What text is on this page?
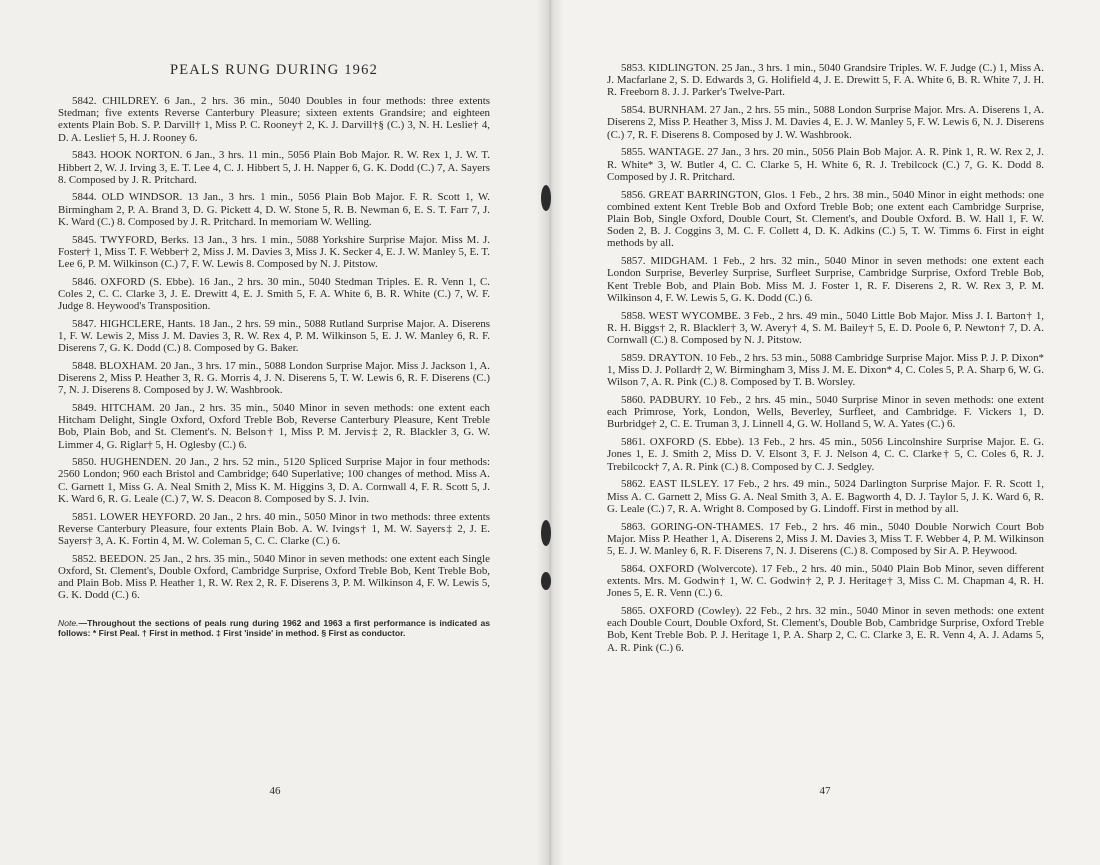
PEALS RUNG DURING 1962

5842. CHILDREY. 6 Jan., 2 hrs. 36 min., 5040 Doubles in four methods: three extents Stedman; five extents Reverse Canterbury Pleasure; sixteen extents Grandsire; and eighteen extents Plain Bob. S. P. Darvill† 1, Miss P. C. Rooney† 2, K. J. Darvill†§ (C.) 3, N. H. Leslie† 4, D. A. Leslie† 5, H. J. Rooney 6.

5843. HOOK NORTON. 6 Jan., 3 hrs. 11 min., 5056 Plain Bob Major. R. W. Rex 1, J. W. T. Hibbert 2, W. J. Irving 3, E. T. Lee 4, C. J. Hibbert 5, J. H. Napper 6, G. K. Dodd (C.) 7, A. Sayers 8. Composed by J. R. Pritchard.

5844. OLD WINDSOR. 13 Jan., 3 hrs. 1 min., 5056 Plain Bob Major. F. R. Scott 1, W. Birmingham 2, P. A. Brand 3, D. G. Pickett 4, D. W. Stone 5, R. B. Newman 6, E. S. T. Farr 7, J. K. Ward (C.) 8. Composed by J. R. Pritchard. In memoriam W. Welling.

5845. TWYFORD, Berks. 13 Jan., 3 hrs. 1 min., 5088 Yorkshire Surprise Major. Miss M. J. Foster† 1, Miss T. F. Webber† 2, Miss J. M. Davies 3, Miss J. K. Secker 4, E. J. W. Manley 5, E. T. Lee 6, P. M. Wilkinson (C.) 7, F. W. Lewis 8. Composed by N. J. Pitstow.

5846. OXFORD (S. Ebbe). 16 Jan., 2 hrs. 30 min., 5040 Stedman Triples. E. R. Venn 1, C. Coles 2, C. C. Clarke 3, J. E. Drewitt 4, E. J. Smith 5, F. A. White 6, B. R. White (C.) 7, W. F. Judge 8. Heywood's Transposition.

5847. HIGHCLERE, Hants. 18 Jan., 2 hrs. 59 min., 5088 Rutland Surprise Major. A. Diserens 1, F. W. Lewis 2, Miss J. M. Davies 3, R. W. Rex 4, P. M. Wilkinson 5, E. J. W. Manley 6, R. F. Diserens 7, G. K. Dodd (C.) 8. Composed by G. Baker.

5848. BLOXHAM. 20 Jan., 3 hrs. 17 min., 5088 London Surprise Major. Miss J. Jackson 1, A. Diserens 2, Miss P. Heather 3, R. G. Morris 4, J. N. Diserens 5, T. W. Lewis 6, R. F. Diserens (C.) 7, N. J. Diserens 8. Composed by J. W. Washbrook.

5849. HITCHAM. 20 Jan., 2 hrs. 35 min., 5040 Minor in seven methods: one extent each Hitcham Delight, Single Oxford, Oxford Treble Bob, Reverse Canterbury Pleasure, Kent Treble Bob, Plain Bob, and St. Clement's. N. Belson† 1, Miss P. M. Jervis‡ 2, R. Blackler 3, G. W. Limmer 4, G. Riglar† 5, H. Oglesby (C.) 6.

5850. HUGHENDEN. 20 Jan., 2 hrs. 52 min., 5120 Spliced Surprise Major in four methods: 2560 London; 960 each Bristol and Cambridge; 640 Superlative; 100 changes of method. Miss A. C. Garnett 1, Miss G. A. Neal Smith 2, Miss K. M. Higgins 3, D. A. Cornwall 4, F. R. Scott 5, J. K. Ward 6, R. G. Leale (C.) 7, W. S. Deacon 8. Composed by S. J. Ivin.

5851. LOWER HEYFORD. 20 Jan., 2 hrs. 40 min., 5050 Minor in two methods: three extents Reverse Canterbury Pleasure, four extents Plain Bob. A. W. Ivings† 1, M. W. Sayers‡ 2, J. E. Sayers† 3, A. K. Fortin 4, M. W. Coleman 5, C. C. Clarke (C.) 6.

5852. BEEDON. 25 Jan., 2 hrs. 35 min., 5040 Minor in seven methods: one extent each Single Oxford, St. Clement's, Double Oxford, Cambridge Surprise, Oxford Treble Bob, Kent Treble Bob, and Plain Bob. Miss P. Heather 1, R. W. Rex 2, R. F. Diserens 3, P. M. Wilkinson 4, F. W. Lewis 5, G. K. Dodd (C.) 6.

Note.—Throughout the sections of peals rung during 1962 and 1963 a first performance is indicated as follows: * First Peal. † First in method. ‡ First 'inside' in method. § First as conductor.
46

5853. KIDLINGTON. 25 Jan., 3 hrs. 1 min., 5040 Grandsire Triples. W. F. Judge (C.) 1, Miss A. J. Macfarlane 2, S. D. Edwards 3, G. Holifield 4, J. E. Drewitt 5, F. A. White 6, B. R. White 7, J. H. R. Freeborn 8. J. J. Parker's Twelve-Part.

5854. BURNHAM. 27 Jan., 2 hrs. 55 min., 5088 London Surprise Major. Mrs. A. Diserens 1, A. Diserens 2, Miss P. Heather 3, Miss J. M. Davies 4, E. J. W. Manley 5, F. W. Lewis 6, N. J. Diserens (C.) 7, R. F. Diserens 8. Composed by J. W. Washbrook.

5855. WANTAGE. 27 Jan., 3 hrs. 20 min., 5056 Plain Bob Major. A. R. Pink 1, R. W. Rex 2, J. R. White* 3, W. Butler 4, C. C. Clarke 5, H. White 6, R. J. Trebilcock (C.) 7, G. K. Dodd 8. Composed by J. R. Pritchard.

5856. GREAT BARRINGTON, Glos. 1 Feb., 2 hrs. 38 min., 5040 Minor in eight methods: one combined extent Kent Treble Bob and Oxford Treble Bob; one extent each Cambridge Surprise, Plain Bob, Single Oxford, Double Court, St. Clement's, and Double Oxford. B. W. Hall 1, F. W. Soden 2, B. J. Coggins 3, M. C. F. Collett 4, D. K. Adkins (C.) 5, T. W. Timms 6. First in eight methods by all.

5857. MIDGHAM. 1 Feb., 2 hrs. 32 min., 5040 Minor in seven methods: one extent each London Surprise, Beverley Surprise, Surfleet Surprise, Cambridge Surprise, Oxford Treble Bob, Kent Treble Bob, and Plain Bob. Miss M. J. Foster 1, R. F. Diserens 2, R. W. Rex 3, P. M. Wilkinson 4, F. W. Lewis 5, G. K. Dodd (C.) 6.

5858. WEST WYCOMBE. 3 Feb., 2 hrs. 49 min., 5040 Little Bob Major. Miss J. I. Barton† 1, R. H. Biggs† 2, R. Blackler† 3, W. Avery† 4, S. M. Bailey† 5, E. D. Poole 6, P. Newton† 7, D. A. Cornwall (C.) 8. Composed by N. J. Pitstow.

5859. DRAYTON. 10 Feb., 2 hrs. 53 min., 5088 Cambridge Surprise Major. Miss P. J. P. Dixon* 1, Miss D. J. Pollard† 2, W. Birmingham 3, Miss J. M. E. Dixon* 4, C. Coles 5, P. A. Sharp 6, W. G. Wilson 7, A. R. Pink (C.) 8. Composed by T. B. Worsley.

5860. PADBURY. 10 Feb., 2 hrs. 45 min., 5040 Surprise Minor in seven methods: one extent each Primrose, York, London, Wells, Beverley, Surfleet, and Cambridge. F. Vickers 1, D. Burbridge† 2, C. E. Truman 3, J. Linnell 4, G. W. Holland 5, W. A. Yates (C.) 6.

5861. OXFORD (S. Ebbe). 13 Feb., 2 hrs. 45 min., 5056 Lincolnshire Surprise Major. E. G. Jones 1, E. J. Smith 2, Miss D. V. Elsont 3, F. J. Nelson 4, C. C. Clarke† 5, C. Coles 6, R. J. Trebilcock† 7, A. R. Pink (C.) 8. Composed by C. J. Sedgley.

5862. EAST ILSLEY. 17 Feb., 2 hrs. 49 min., 5024 Darlington Surprise Major. F. R. Scott 1, Miss A. C. Garnett 2, Miss G. A. Neal Smith 3, A. E. Bagworth 4, D. J. Taylor 5, J. K. Ward 6, R. G. Leale (C.) 7, R. A. Wright 8. Composed by G. Lindoff. First in method by all.

5863. GORING-ON-THAMES. 17 Feb., 2 hrs. 46 min., 5040 Double Norwich Court Bob Major. Miss P. Heather 1, A. Diserens 2, Miss J. M. Davies 3, Miss T. F. Webber 4, P. M. Wilkinson 5, E. J. W. Manley 6, R. F. Diserens 7, N. J. Diserens (C.) 8. Composed by Sir A. P. Heywood.

5864. OXFORD (Wolvercote). 17 Feb., 2 hrs. 40 min., 5040 Plain Bob Minor, seven different extents. Mrs. M. Godwin† 1, W. C. Godwin† 2, P. J. Heritage† 3, Miss C. M. Chapman 4, R. H. Jones 5, E. R. Venn (C.) 6.

5865. OXFORD (Cowley). 22 Feb., 2 hrs. 32 min., 5040 Minor in seven methods: one extent each Double Court, Double Oxford, St. Clement's, Double Bob, Cambridge Surprise, Oxford Treble Bob, Kent Treble Bob. P. J. Heritage 1, P. A. Sharp 2, C. C. Clarke 3, E. R. Venn 4, A. J. Adams 5, A. R. Pink (C.) 6.

47
